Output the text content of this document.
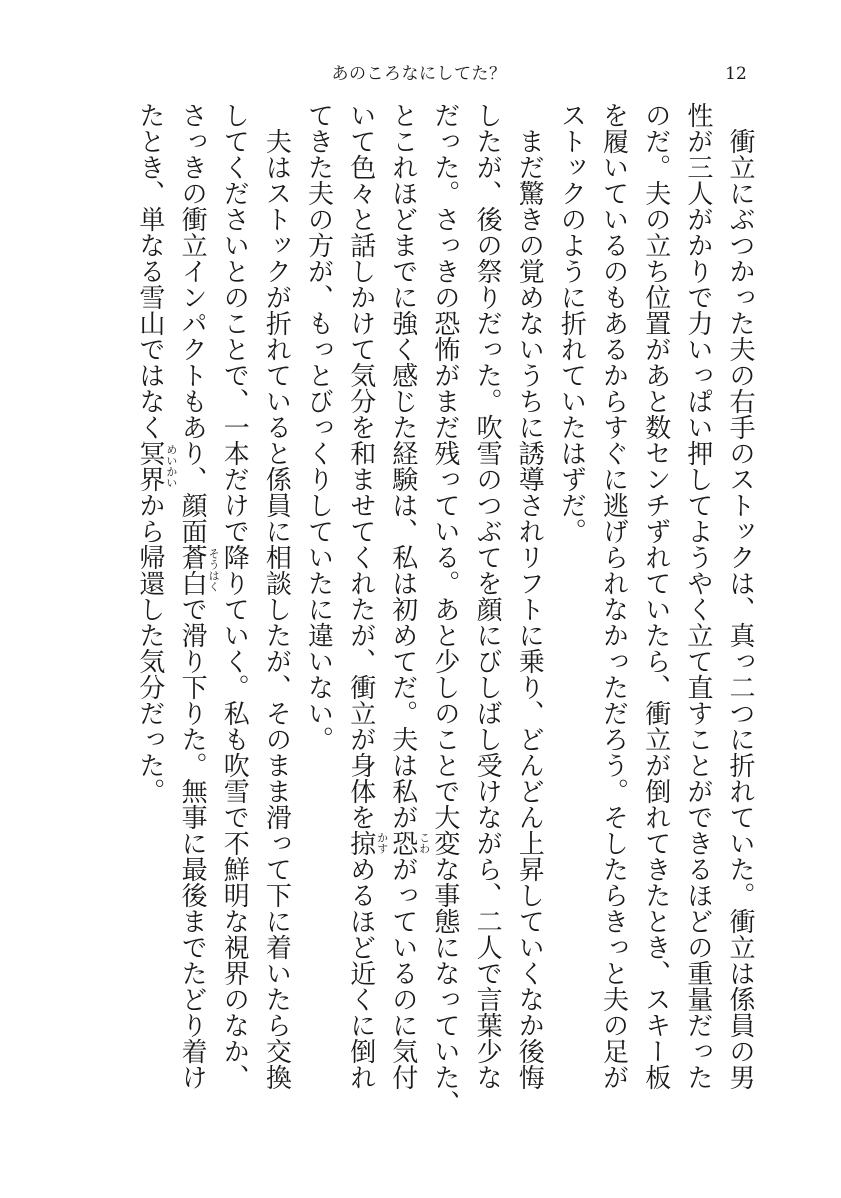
あのころなにしてた？	12
衝
立
に
ぶ
つ
か
っ
た
夫
の
右
手
の
ス
ト
ッ
ク
は
、
真
っ
二
つ
に
折
れ
て
い
た
。
衝
立
は
係
員
の
男
性
が
三
人
が
か
り
で
力
い
っ
ぱ
い
押
し
て
よ
う
や
く
立
て
直
す
こ
と
が
で
き
る
ほ
ど
の
重
量
だ
っ
た
の
だ
。
夫
の
立
ち
位
置
が
あ
と
数
セ
ン
チ
ず
れ
て
い
た
ら
、
衝
立
が
倒
れ
て
き
た
と
き
、
ス
キ
ー
板
を
履
い
て
い
る
の
も
あ
る
か
ら
す
ぐ
に
逃
げ
ら
れ
な
か
っ
た
だ
ろ
う
。
そ
し
た
ら
き
っ
と
夫
の
足
が
ス
ト
ッ
ク
の
よ
う
に
折
れ
て
い
た
は
ず
だ
。
ま
だ
驚
き
の
覚
め
な
い
う
ち
に
誘
導
さ
れ
リ
フ
ト
に
乗
り
、
ど
ん
ど
ん
上
昇
し
て
い
く
な
か
後
悔
し
た
が
、
後
の
祭
り
だ
っ
た
。
吹
雪
の
つ
ぶ
て
を
顔
に
び
し
ば
し
受
け
な
が
ら
、
二
人
で
言
葉
少
な
だ
っ
た
。
さ
っ
き
の
恐
怖
が
ま
だ
残
っ
て
い
る
。
あ
と
少
し
の
こ
と
で
大
変
な
事
態
に
な
っ
て
い
た
、
と
こ
れ
ほ
ど
ま
で
に
強
く
感
じ
た
経
験
は
、
私
は
初
め
て
だ
。
夫
は
私
が
恐 こわ
が
っ
て
い
る
の
に
気
付
い
て
色
々
と
話
し
か
け
て
気
分
を
和
ま
せ
て
く
れ
た
が
、
衝
立
が
身
体
を
掠 かす
め
る
ほ
ど
近
く
に
倒
れ
て
き
た
夫
の
方
が
、
も
っ
と
び
っ
く
り
し
て
い
た
に
違
い
な
い
。
夫
は
ス
ト
ッ
ク
が
折
れ
て
い
る
と
係
員
に
相
談
し
た
が
、
そ
の
ま
ま
滑
っ
て
下
に
着
い
た
ら
交
換
し
て
く
だ
さ
い
と
の
こ
と
で
、
一
本
だ
け
で
降
り
て
い
く
。
私
も
吹
雪
で
不
鮮
明
な
視
界
の
な
か
、
さ
っ
き
の
衝
立
イ
ン
パ
ク
ト
も
あ
り
、
顔
面
蒼
白 そうはく
で
滑
り
下
り
た
。
無
事
に
最
後
ま
で
た
ど
り
着
け
た
と
き
、
単
な
る
雪
山
で
は
な
く
冥
界 めいかい
か
ら
帰
還
し
た
気
分
だ
っ
た
。
